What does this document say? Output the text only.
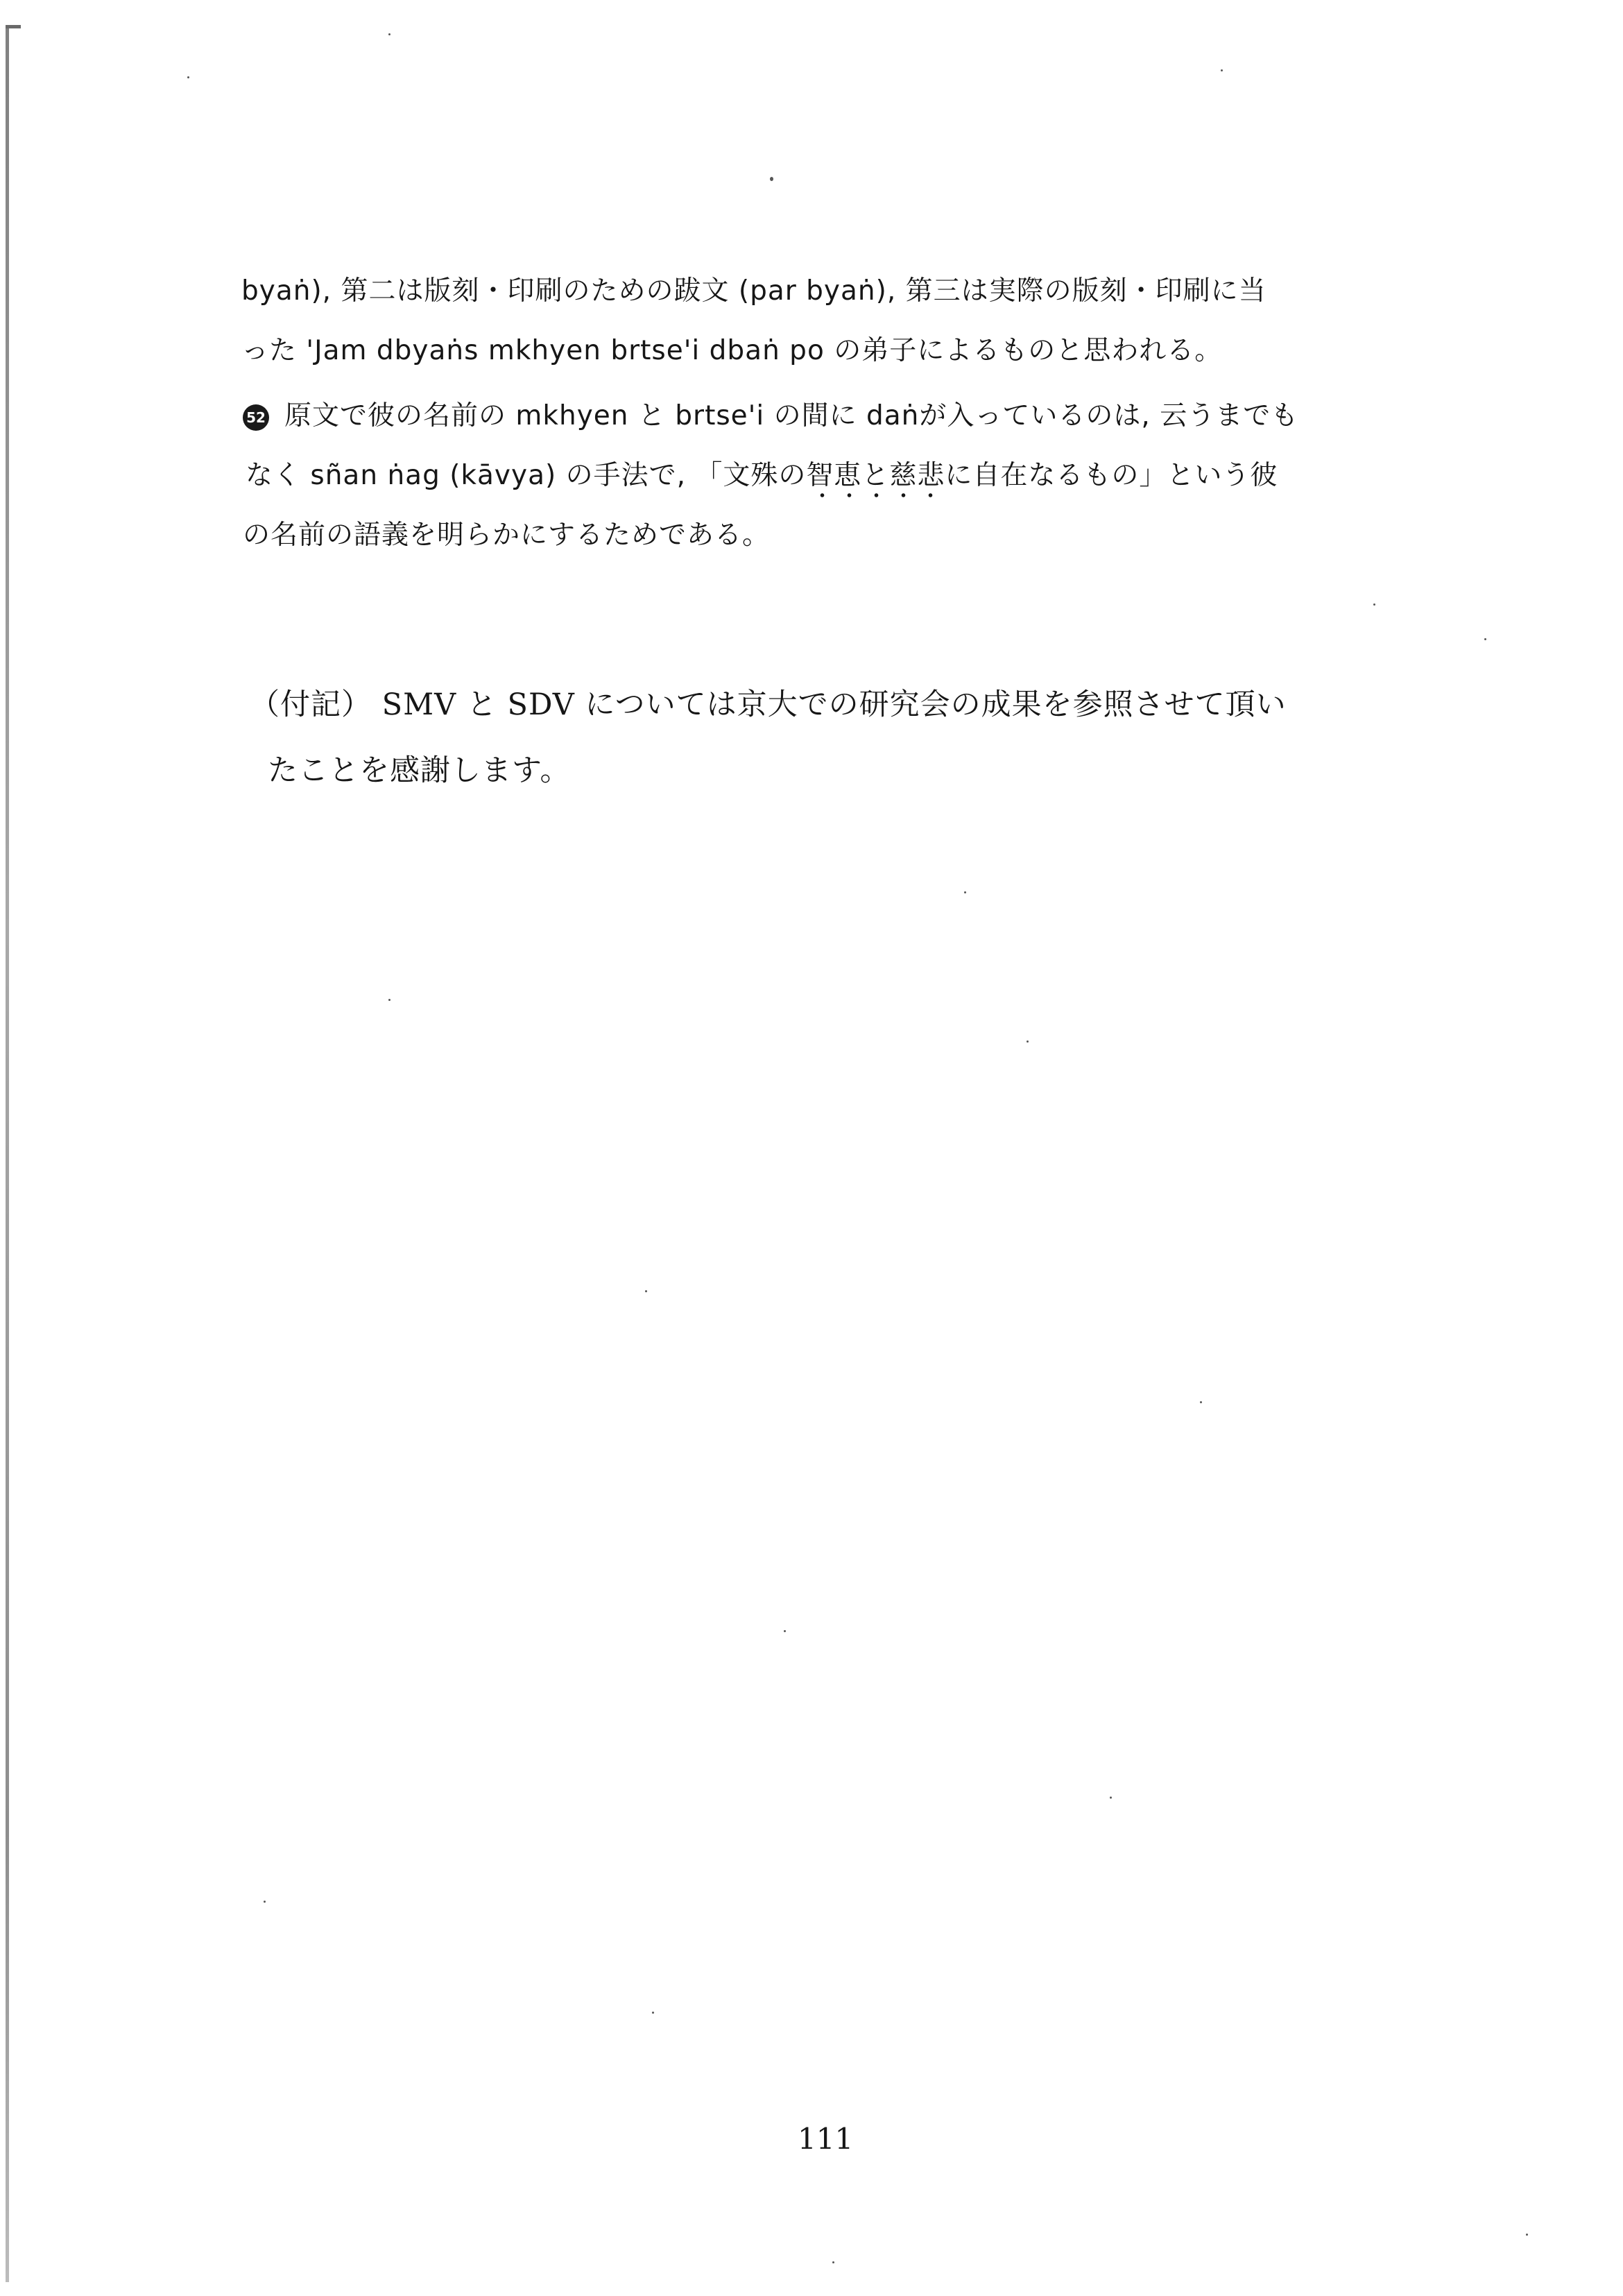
byaṅ), 第二は版刻・印刷のための跋文 (par byaṅ), 第三は実際の版刻・印刷に当
った 'Jam dbyaṅs mkhyen brtse'i dbaṅ po の弟子によるものと思われる。
52 原文で彼の名前の mkhyen と brtse'i の間に daṅが入っているのは, 云うまでも
なく sñan ṅag (kāvya) の手法で, 「文殊の智恵と慈悲に自在なるもの」という彼
の名前の語義を明らかにするためである。
（付記） SMV と SDV については京大での研究会の成果を参照させて頂い
たことを感謝します。
111
